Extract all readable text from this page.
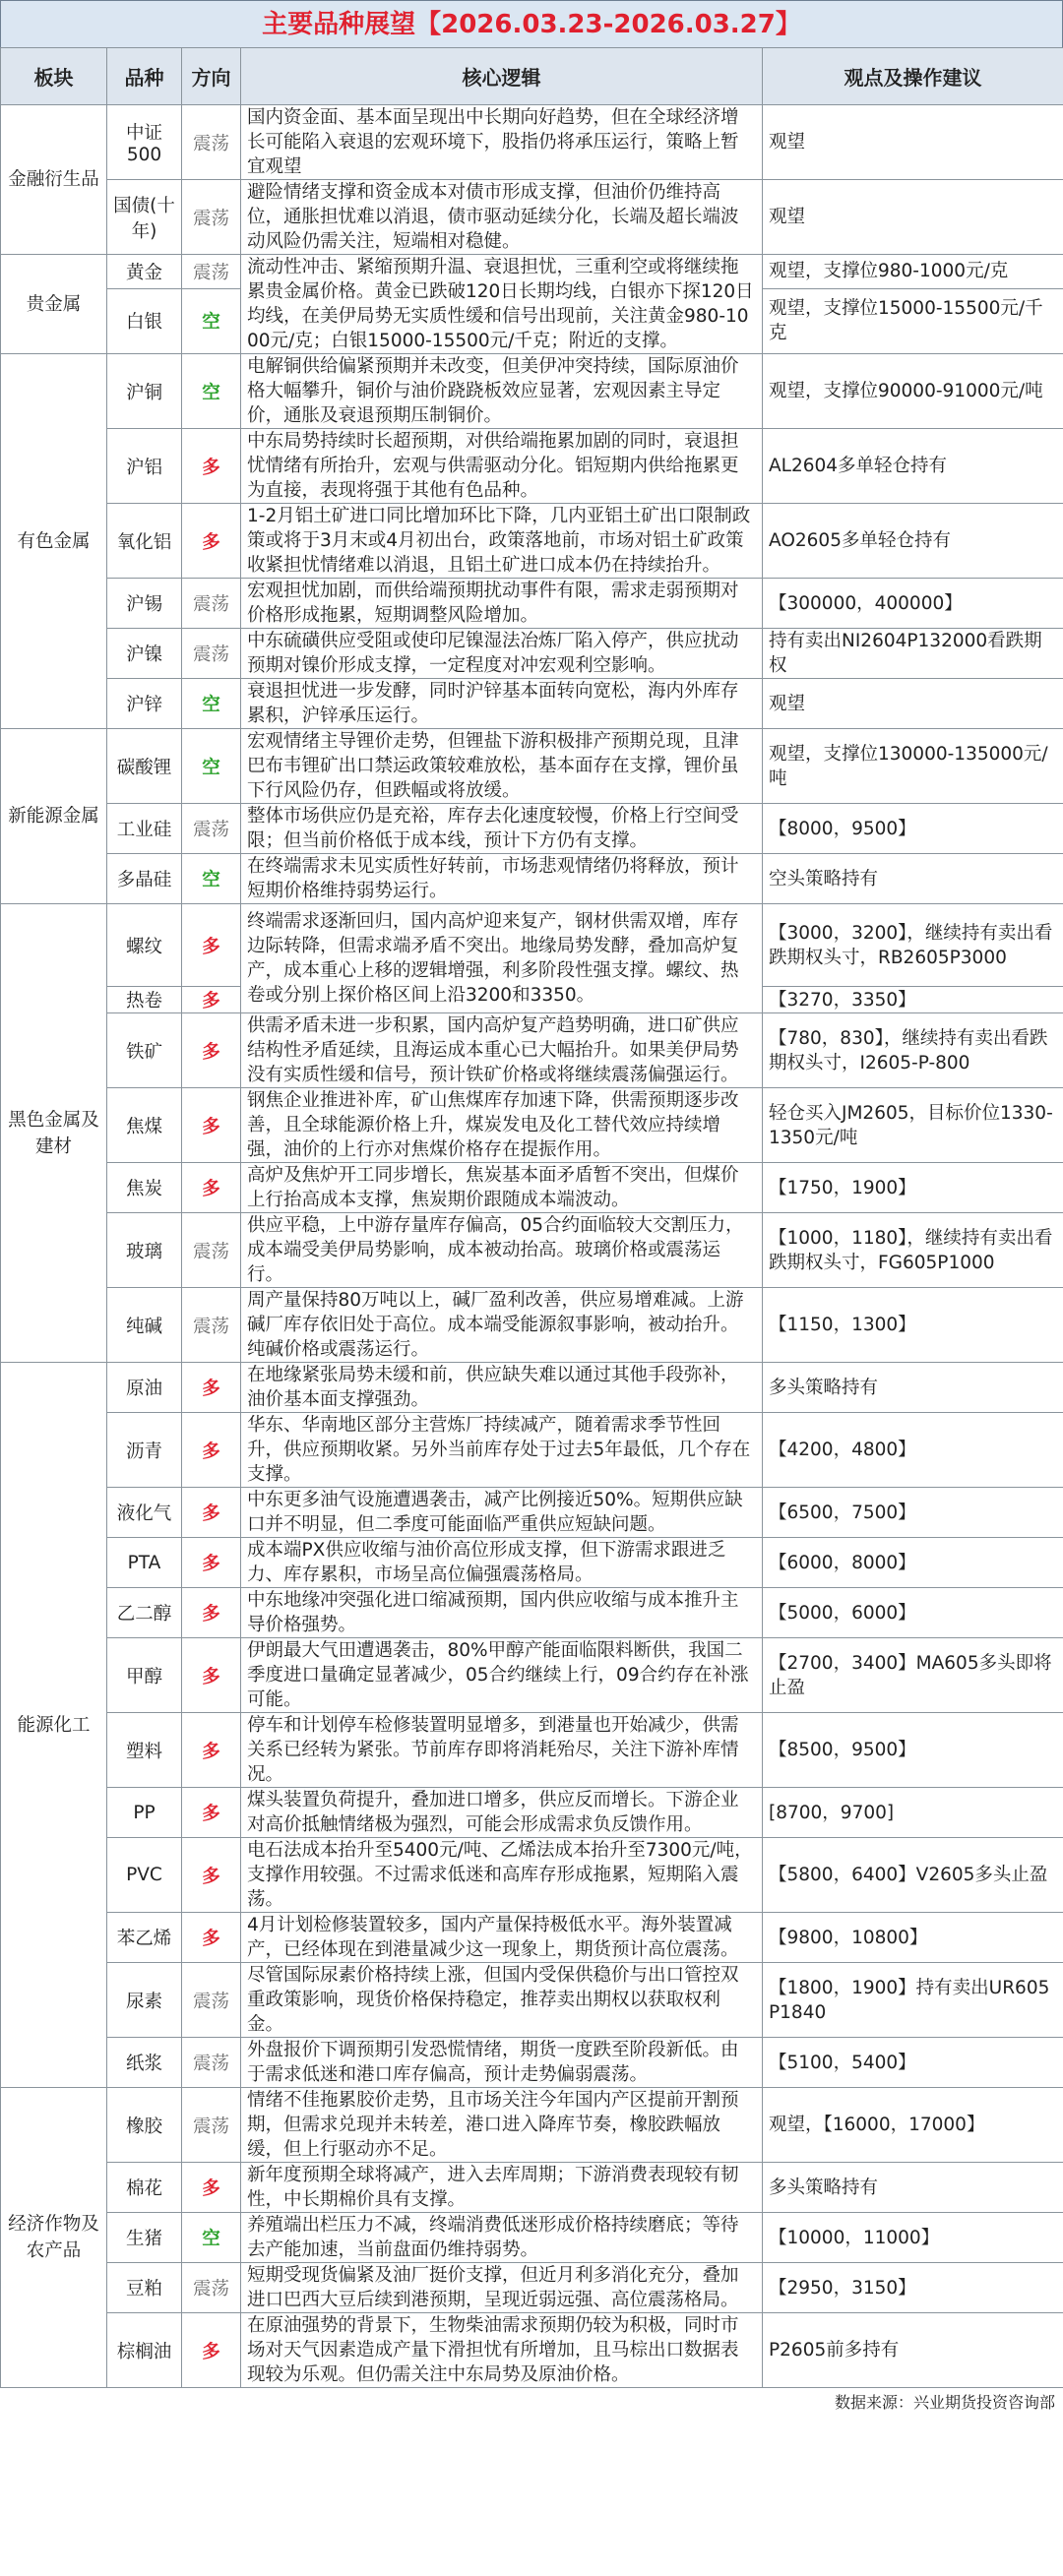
主要品种展望【2026.03.23-2026.03.27】
板块	品种	方向	核心逻辑	观点及操作建议
金融衍生品	中证500	震荡	国内资金面、基本面呈现出中长期向好趋势，但在全球经济增长可能陷入衰退的宏观环境下，股指仍将承压运行，策略上暂宜观望	观望
	国债(十年)	震荡	避险情绪支撑和资金成本对债市形成支撑，但油价仍维持高位，通胀担忧难以消退，债市驱动延续分化，长端及超长端波动风险仍需关注，短端相对稳健。	观望
贵金属	黄金	震荡	流动性冲击、紧缩预期升温、衰退担忧，三重利空或将继续拖累贵金属价格。黄金已跌破120日长期均线，白银亦下探120日均线，在美伊局势无实质性缓和信号出现前，关注黄金980-1000元/克；白银15000-15500元/千克；附近的支撑。	观望，支撑位980-1000元/克
	白银	空		观望，支撑位15000-15500元/千克
有色金属	沪铜	空	电解铜供给偏紧预期并未改变，但美伊冲突持续，国际原油价格大幅攀升，铜价与油价跷跷板效应显著，宏观因素主导定价，通胀及衰退预期压制铜价。	观望，支撑位90000-91000元/吨
	沪铝	多	中东局势持续时长超预期，对供给端拖累加剧的同时，衰退担忧情绪有所抬升，宏观与供需驱动分化。铝短期内供给拖累更为直接，表现将强于其他有色品种。	AL2604多单轻仓持有
	氧化铝	多	1-2月铝土矿进口同比增加环比下降，几内亚铝土矿出口限制政策或将于3月末或4月初出台，政策落地前，市场对铝土矿政策收紧担忧情绪难以消退，且铝土矿进口成本仍在持续抬升。	AO2605多单轻仓持有
	沪锡	震荡	宏观担忧加剧，而供给端预期扰动事件有限，需求走弱预期对价格形成拖累，短期调整风险增加。	【300000，400000】
	沪镍	震荡	中东硫磺供应受阻或使印尼镍湿法冶炼厂陷入停产，供应扰动预期对镍价形成支撑，一定程度对冲宏观利空影响。	持有卖出NI2604P132000看跌期权
	沪锌	空	衰退担忧进一步发酵，同时沪锌基本面转向宽松，海内外库存累积，沪锌承压运行。	观望
新能源金属	碳酸锂	空	宏观情绪主导锂价走势，但锂盐下游积极排产预期兑现，且津巴布韦锂矿出口禁运政策较难放松，基本面存在支撑，锂价虽下行风险仍存，但跌幅或将放缓。	观望，支撑位130000-135000元/吨
	工业硅	震荡	整体市场供应仍是充裕，库存去化速度较慢，价格上行空间受限；但当前价格低于成本线，预计下方仍有支撑。	【8000，9500】
	多晶硅	空	在终端需求未见实质性好转前，市场悲观情绪仍将释放，预计短期价格维持弱势运行。	空头策略持有
黑色金属及建材	螺纹	多	终端需求逐渐回归，国内高炉迎来复产，钢材供需双增，库存边际转降，但需求端矛盾不突出。地缘局势发酵，叠加高炉复产，成本重心上移的逻辑增强，利多阶段性强支撑。螺纹、热卷或分别上探价格区间上沿3200和3350。	【3000，3200】，继续持有卖出看跌期权头寸，RB2605P3000
	热卷	多		【3270，3350】
	铁矿	多	供需矛盾未进一步积累，国内高炉复产趋势明确，进口矿供应结构性矛盾延续，且海运成本重心已大幅抬升。如果美伊局势没有实质性缓和信号，预计铁矿价格或将继续震荡偏强运行。	【780，830】，继续持有卖出看跌期权头寸，I2605-P-800
	焦煤	多	钢焦企业推进补库，矿山焦煤库存加速下降，供需预期逐步改善，且全球能源价格上升，煤炭发电及化工替代效应持续增强，油价的上行亦对焦煤价格存在提振作用。	轻仓买入JM2605，目标价位1330-1350元/吨
	焦炭	多	高炉及焦炉开工同步增长，焦炭基本面矛盾暂不突出，但煤价上行抬高成本支撑，焦炭期价跟随成本端波动。	【1750，1900】
	玻璃	震荡	供应平稳，上中游存量库存偏高，05合约面临较大交割压力，成本端受美伊局势影响，成本被动抬高。玻璃价格或震荡运行。	【1000，1180】，继续持有卖出看跌期权头寸，FG605P1000
	纯碱	震荡	周产量保持80万吨以上，碱厂盈利改善，供应易增难减。上游碱厂库存依旧处于高位。成本端受能源叙事影响，被动抬升。纯碱价格或震荡运行。	【1150，1300】
能源化工	原油	多	在地缘紧张局势未缓和前，供应缺失难以通过其他手段弥补，油价基本面支撑强劲。	多头策略持有
	沥青	多	华东、华南地区部分主营炼厂持续减产，随着需求季节性回升，供应预期收紧。另外当前库存处于过去5年最低，几个存在支撑。	【4200，4800】
	液化气	多	中东更多油气设施遭遇袭击，减产比例接近50%。短期供应缺口并不明显，但二季度可能面临严重供应短缺问题。	【6500，7500】
	PTA	多	成本端PX供应收缩与油价高位形成支撑，但下游需求跟进乏力、库存累积，市场呈高位偏强震荡格局。	【6000，8000】
	乙二醇	多	中东地缘冲突强化进口缩减预期，国内供应收缩与成本推升主导价格强势。	【5000，6000】
	甲醇	多	伊朗最大气田遭遇袭击，80%甲醇产能面临限料断供，我国二季度进口量确定显著减少，05合约继续上行，09合约存在补涨可能。	【2700，3400】MA605多头即将止盈
	塑料	多	停车和计划停车检修装置明显增多，到港量也开始减少，供需关系已经转为紧张。节前库存即将消耗殆尽，关注下游补库情况。	【8500，9500】
	PP	多	煤头装置负荷提升，叠加进口增多，供应反而增长。下游企业对高价抵触情绪极为强烈，可能会形成需求负反馈作用。	[8700，9700]
	PVC	多	电石法成本抬升至5400元/吨、乙烯法成本抬升至7300元/吨，支撑作用较强。不过需求低迷和高库存形成拖累，短期陷入震荡。	【5800，6400】V2605多头止盈
	苯乙烯	多	4月计划检修装置较多，国内产量保持极低水平。海外装置减产，已经体现在到港量减少这一现象上，期货预计高位震荡。	【9800，10800】
	尿素	震荡	尽管国际尿素价格持续上涨，但国内受保供稳价与出口管控双重政策影响，现货价格保持稳定，推荐卖出期权以获取权利金。	【1800，1900】持有卖出UR605P1840
	纸浆	震荡	外盘报价下调预期引发恐慌情绪，期货一度跌至阶段新低。由于需求低迷和港口库存偏高，预计走势偏弱震荡。	【5100，5400】
经济作物及农产品	橡胶	震荡	情绪不佳拖累胶价走势，且市场关注今年国内产区提前开割预期，但需求兑现并未转差，港口进入降库节奏，橡胶跌幅放缓，但上行驱动亦不足。	观望，【16000，17000】
	棉花	多	新年度预期全球将减产，进入去库周期；下游消费表现较有韧性，中长期棉价具有支撑。	多头策略持有
	生猪	空	养殖端出栏压力不减，终端消费低迷形成价格持续磨底；等待去产能加速，当前盘面仍维持弱势。	【10000，11000】
	豆粕	震荡	短期受现货偏紧及油厂挺价支撑，但近月利多消化充分，叠加进口巴西大豆后续到港预期，呈现近弱远强、高位震荡格局。	【2950，3150】
	棕榈油	多	在原油强势的背景下，生物柴油需求预期仍较为积极，同时市场对天气因素造成产量下滑担忧有所增加，且马棕出口数据表现较为乐观。但仍需关注中东局势及原油价格。	P2605前多持有
数据来源：兴业期货投资咨询部
